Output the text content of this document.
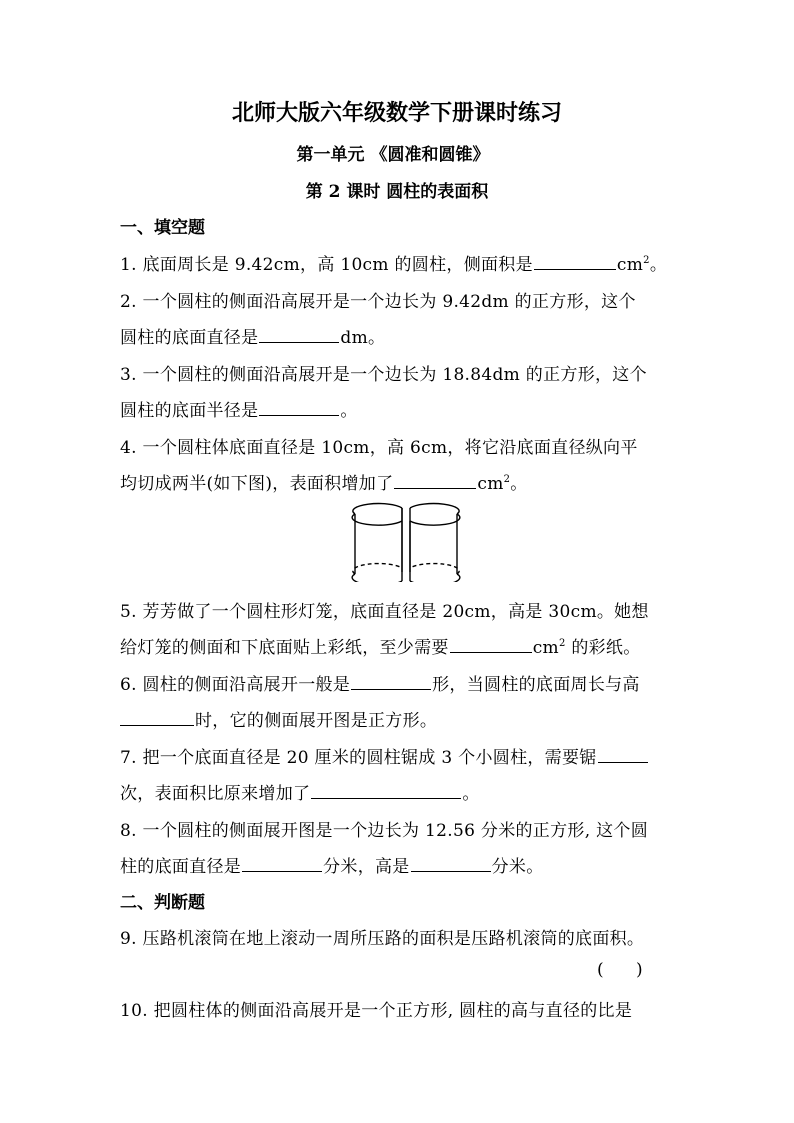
北师大版六年级数学下册课时练习
第一单元 《圆准和圆锥》
第 2 课时 圆柱的表面积
一、填空题
1. 底面周长是 9.42cm，高 10cm 的圆柱，侧面积是	$cm^2$。
2. 一个圆柱的侧面沿高展开是一个边长为 9.42dm 的正方形，这个
圆柱的底面直径是	dm。
3. 一个圆柱的侧面沿高展开是一个边长为 18.84dm 的正方形，这个
圆柱的底面半径是	。
4. 一个圆柱体底面直径是 10cm，高 6cm，将它沿底面直径纵向平
均切成两半(如下图)，表面积增加了	$cm^2$。
5. 芳芳做了一个圆柱形灯笼，底面直径是 20cm，高是 30cm。她想
给灯笼的侧面和下底面贴上彩纸，至少需要	$cm^2$ 的彩纸。
6. 圆柱的侧面沿高展开一般是	形，当圆柱的底面周长与高
时，它的侧面展开图是正方形。
7. 把一个底面直径是 20 厘米的圆柱锯成 3 个小圆柱，需要锯
次，表面积比原来增加了	。
8. 一个圆柱的侧面展开图是一个边长为 12.56 分米的正方形, 这个圆
柱的底面直径是	分米，高是	分米。
二、判断题
9. 压路机滚筒在地上滚动一周所压路的面积是压路机滚筒的底面积。
(      )
10. 把圆柱体的侧面沿高展开是一个正方形, 圆柱的高与直径的比是
